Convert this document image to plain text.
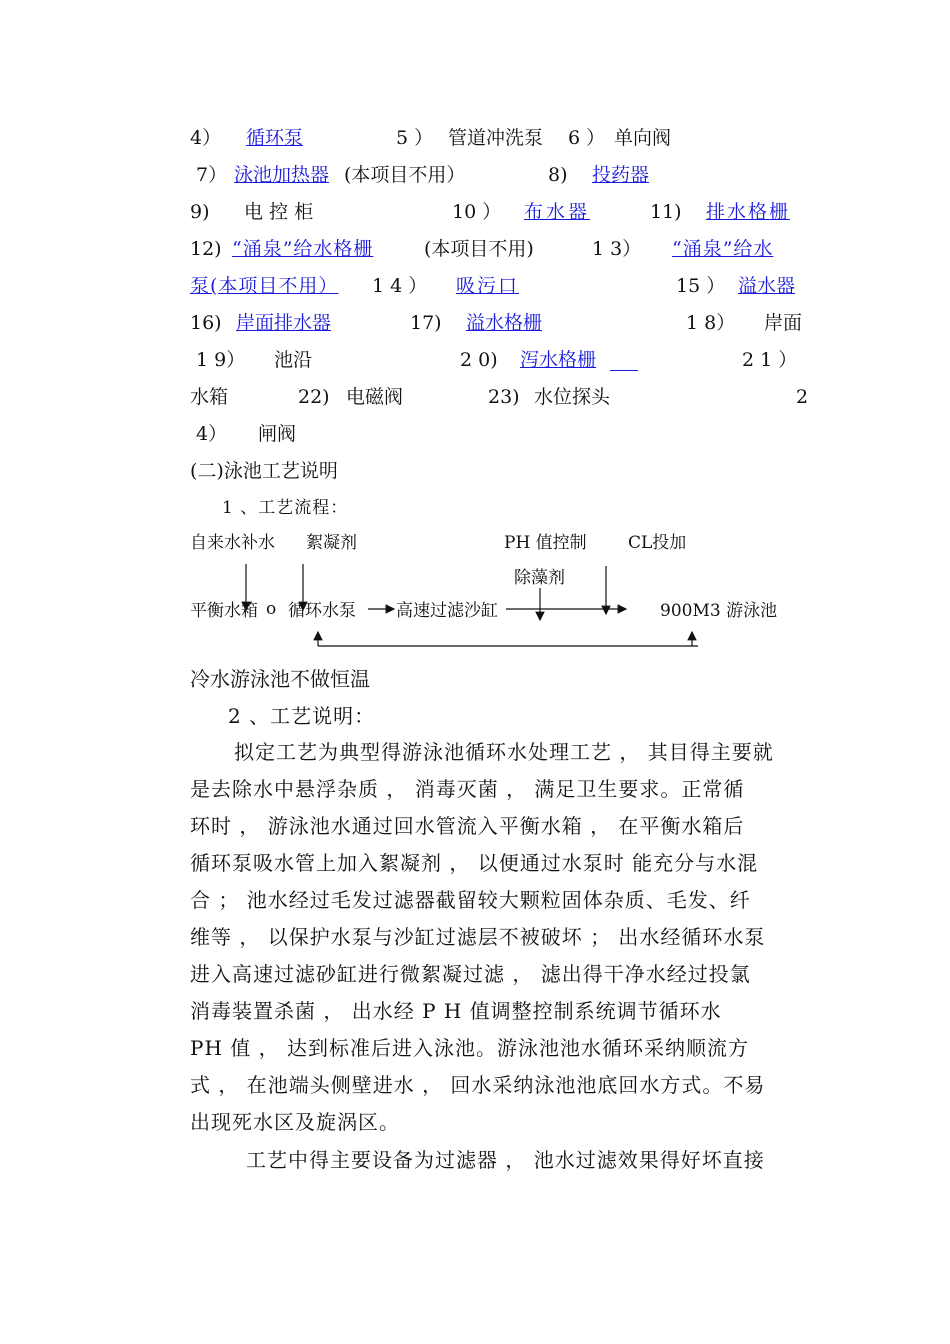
4） 循环泵	5 ） 管道冲洗泵 6 ） 单向阀
7） 泳池加热器 (本项目不用）	8) 投药器
9) 电 控 柜	10 ） 布水器	11) 排水格栅
12) “涌泉”给水格栅	(本项目不用)	1 3） “涌泉”给水
泵(本项目不用） 1 4 ） 吸污口	15 ） 溢水器
16) 岸面排水器	17) 溢水格栅	1 8） 岸面
1 9） 池沿	2 0) 泻水格栅	2 1 ）
水箱	22) 电磁阀	23) 水位探头	2
4） 闸阀
(二)泳池工艺说明
1 、工艺流程：
自来水补水 絮凝剂	PH 值控制 CL投加
除藻剂
平衡水箱 o 循环水泵 高速过滤沙缸	900M3 游泳池
冷水游泳池不做恒温
2 、工艺说明：
拟定工艺为典型得游泳池循环水处理工艺 ， 其目得主要就
是去除水中悬浮杂质 ， 消毒灭菌 ， 满足卫生要求。正常循
环时 ， 游泳池水通过回水管流入平衡水箱 ， 在平衡水箱后
循环泵吸水管上加入絮凝剂 ， 以便通过水泵时 能充分与水混
合 ； 池水经过毛发过滤器截留较大颗粒固体杂质、毛发、纤
维等 ， 以保护水泵与沙缸过滤层不被破坏 ； 出水经循环水泵
进入高速过滤砂缸进行微絮凝过滤 ， 滤出得干净水经过投氯
消毒装置杀菌 ， 出水经 P H 值调整控制系统调节循环水
PH 值 ， 达到标准后进入泳池。游泳池池水循环采纳顺流方
式 ， 在池端头侧壁进水 ， 回水采纳泳池池底回水方式。不易
出现死水区及旋涡区。
工艺中得主要设备为过滤器 ， 池水过滤效果得好坏直接
